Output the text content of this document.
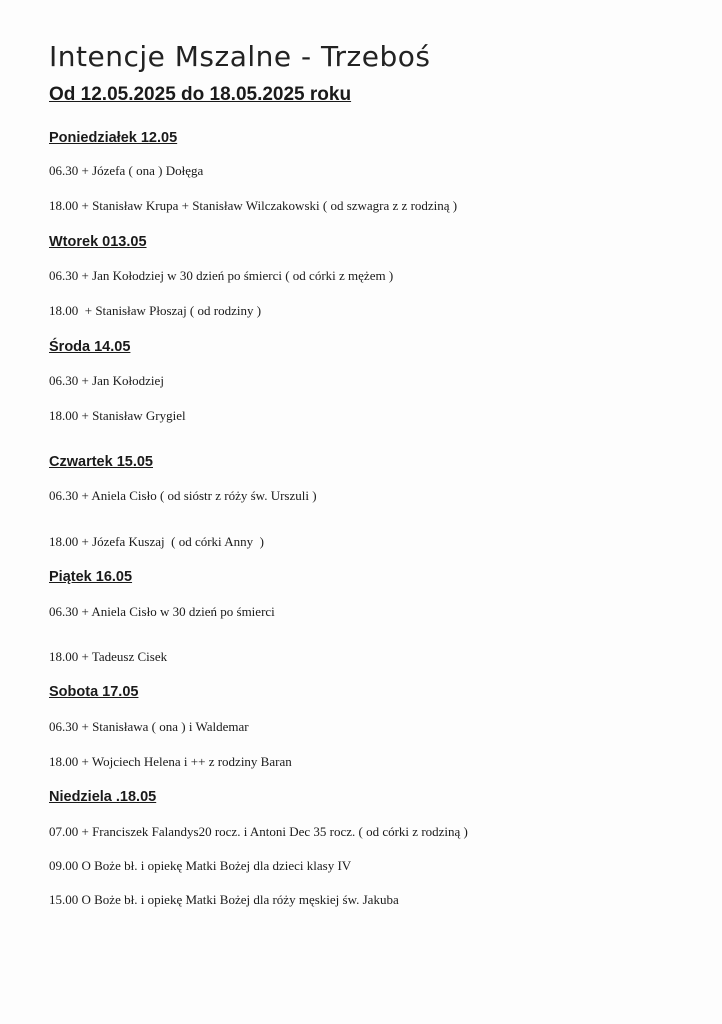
Intencje Mszalne - Trzeboś
Od 12.05.2025 do 18.05.2025 roku
Poniedziałek 12.05
06.30 + Józefa ( ona ) Dołęga
18.00 + Stanisław Krupa + Stanisław Wilczakowski ( od szwagra z z rodziną )
Wtorek 013.05
06.30 + Jan Kołodziej w 30 dzień po śmierci ( od córki z mężem )
18.00  + Stanisław Płoszaj ( od rodziny )
Środa 14.05
06.30 + Jan Kołodziej
18.00 + Stanisław Grygiel
Czwartek 15.05
06.30 + Aniela Cisło ( od sióstr z róży św. Urszuli )
18.00 + Józefa Kuszaj  ( od córki Anny  )
Piątek 16.05
06.30 + Aniela Cisło w 30 dzień po śmierci
18.00 + Tadeusz Cisek
Sobota 17.05
06.30 + Stanisława ( ona ) i Waldemar
18.00 + Wojciech Helena i ++ z rodziny Baran
Niedziela .18.05
07.00 + Franciszek Falandys20 rocz. i Antoni Dec 35 rocz. ( od córki z rodziną )
09.00 O Boże bł. i opiekę Matki Bożej dla dzieci klasy IV
15.00 O Boże bł. i opiekę Matki Bożej dla róży męskiej św. Jakuba
